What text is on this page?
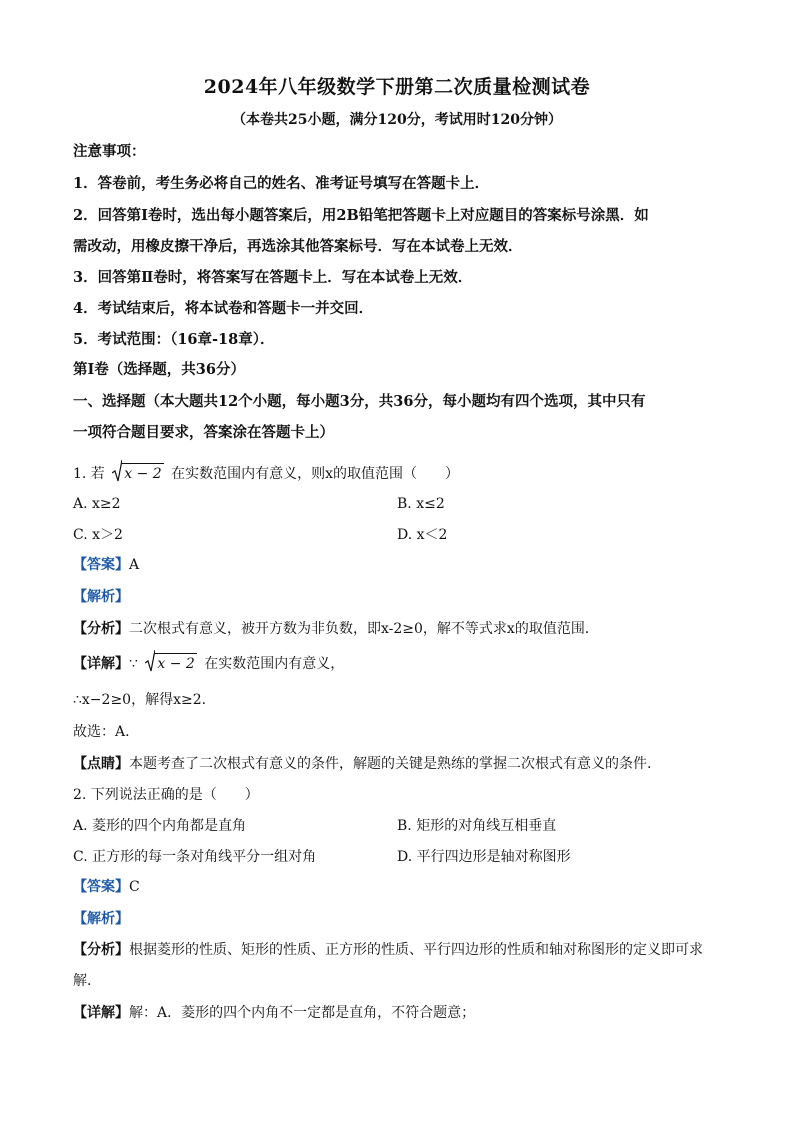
2024年八年级数学下册第二次质量检测试卷
（本卷共25小题，满分120分，考试用时120分钟）
注意事项：
1．答卷前，考生务必将自己的姓名、准考证号填写在答题卡上．
2．回答第Ⅰ卷时，选出每小题答案后，用2B铅笔把答题卡上对应题目的答案标号涂黑．如
需改动，用橡皮擦干净后，再选涂其他答案标号．写在本试卷上无效．
3．回答第Ⅱ卷时，将答案写在答题卡上．写在本试卷上无效．
4．考试结束后，将本试卷和答题卡一并交回．
5．考试范围：（16章-18章）．
第Ⅰ卷（选择题，共36分）
一、选择题（本大题共12个小题，每小题3分，共36分，每小题均有四个选项，其中只有
一项符合题目要求，答案涂在答题卡上）
1. 若 x − 2 在实数范围内有意义，则x的取值范围（　　）
A. x≥2	B. x≤2
C. x＞2	D. x＜2
【答案】A
【解析】
【分析】二次根式有意义，被开方数为非负数，即x-2≥0，解不等式求x的取值范围．
【详解】∵ x − 2 在实数范围内有意义，
∴x−2≥0，解得x≥2.
故选：A.
【点睛】本题考查了二次根式有意义的条件，解题的关键是熟练的掌握二次根式有意义的条件.
2. 下列说法正确的是（　　）
A. 菱形的四个内角都是直角	B. 矩形的对角线互相垂直
C. 正方形的每一条对角线平分一组对角	D. 平行四边形是轴对称图形
【答案】C
【解析】
【分析】根据菱形的性质、矩形的性质、正方形的性质、平行四边形的性质和轴对称图形的定义即可求
解．
【详解】解：A．菱形的四个内角不一定都是直角，不符合题意；
